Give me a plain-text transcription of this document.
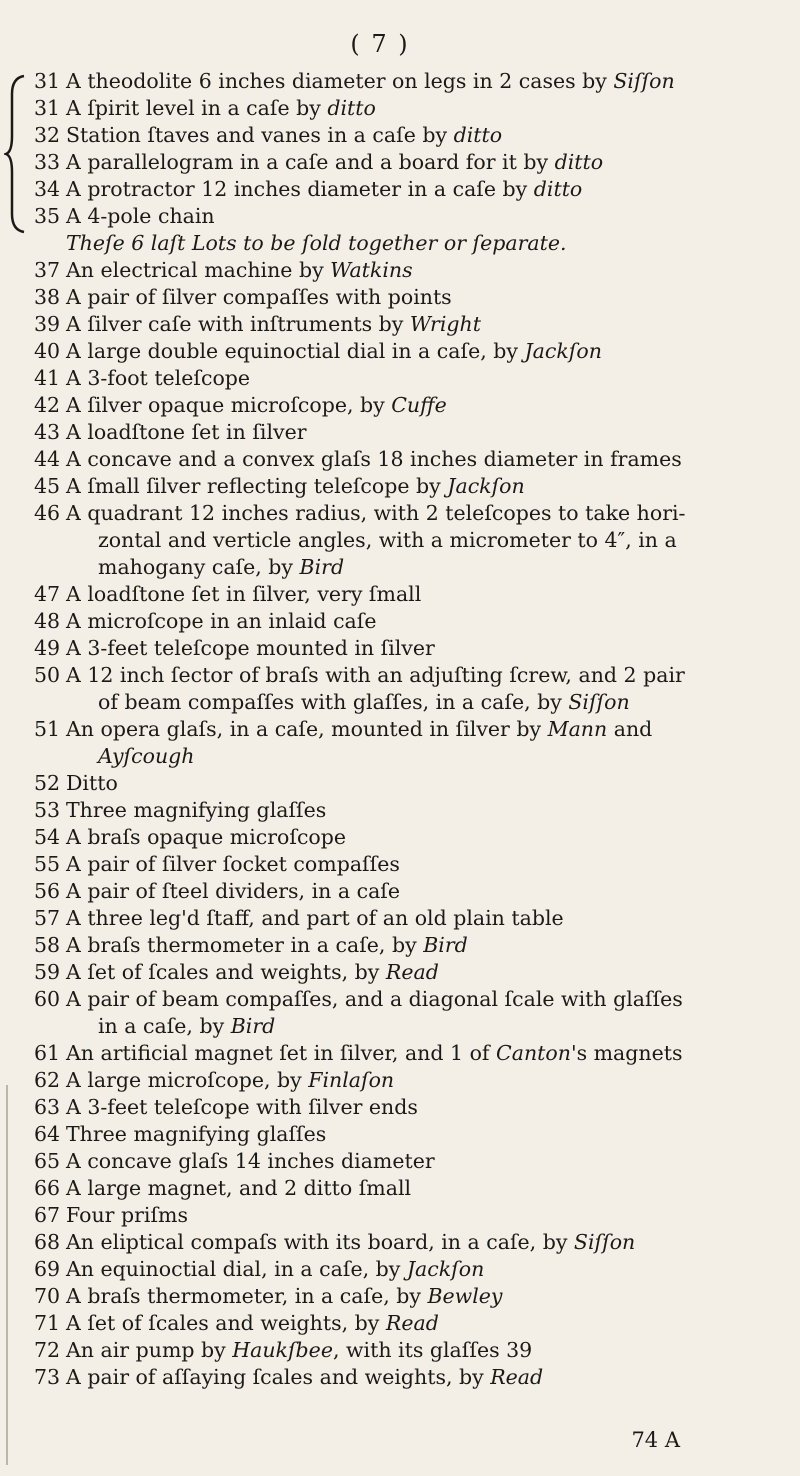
( 7 )
31 A theodolite 6 inches diameter on legs in 2 cases by Siſſon
31 A ſpirit level in a caſe by ditto
32 Station ſtaves and vanes in a caſe by ditto
33 A parallelogram in a caſe and a board for it by ditto
34 A protractor 12 inches diameter in a caſe by ditto
35 A 4-pole chain
Theſe 6 laſt Lots to be ſold together or ſeparate.
37 An electrical machine by Watkins
38 A pair of ſilver compaſſes with points
39 A ſilver caſe with inſtruments by Wright
40 A large double equinoctial dial in a caſe, by Jackſon
41 A 3-foot teleſcope
42 A ſilver opaque microſcope, by Cuffe
43 A loadſtone ſet in ſilver
44 A concave and a convex glaſs 18 inches diameter in frames
45 A ſmall ſilver reflecting teleſcope by Jackſon
46 A quadrant 12 inches radius, with 2 teleſcopes to take hori-
zontal and verticle angles, with a micrometer to 4″, in a mahogany caſe, by Bird
47 A loadſtone ſet in ſilver, very ſmall
48 A microſcope in an inlaid caſe
49 A 3-feet teleſcope mounted in ſilver
50 A 12 inch ſector of braſs with an adjuſting ſcrew, and 2 pair
of beam compaſſes with glaſſes, in a caſe, by Siſſon
51 An opera glaſs, in a caſe, mounted in ſilver by Mann and
Ayſcough
52 Ditto
53 Three magnifying glaſſes
54 A braſs opaque microſcope
55 A pair of ſilver ſocket compaſſes
56 A pair of ſteel dividers, in a caſe
57 A three leg'd ſtaff, and part of an old plain table
58 A braſs thermometer in a caſe, by Bird
59 A ſet of ſcales and weights, by Read
60 A pair of beam compaſſes, and a diagonal ſcale with glaſſes
in a caſe, by Bird
61 An artificial magnet ſet in ſilver, and 1 of Canton's magnets
62 A large microſcope, by Finlaſon
63 A 3-feet teleſcope with ſilver ends
64 Three magnifying glaſſes
65 A concave glaſs 14 inches diameter
66 A large magnet, and 2 ditto ſmall
67 Four priſms
68 An eliptical compaſs with its board, in a caſe, by Siſſon
69 An equinoctial dial, in a caſe, by Jackſon
70 A braſs thermometer, in a caſe, by Bewley
71 A ſet of ſcales and weights, by Read
72 An air pump by Haukſbee, with its glaſſes 39
73 A pair of aſſaying ſcales and weights, by Read
74 A
